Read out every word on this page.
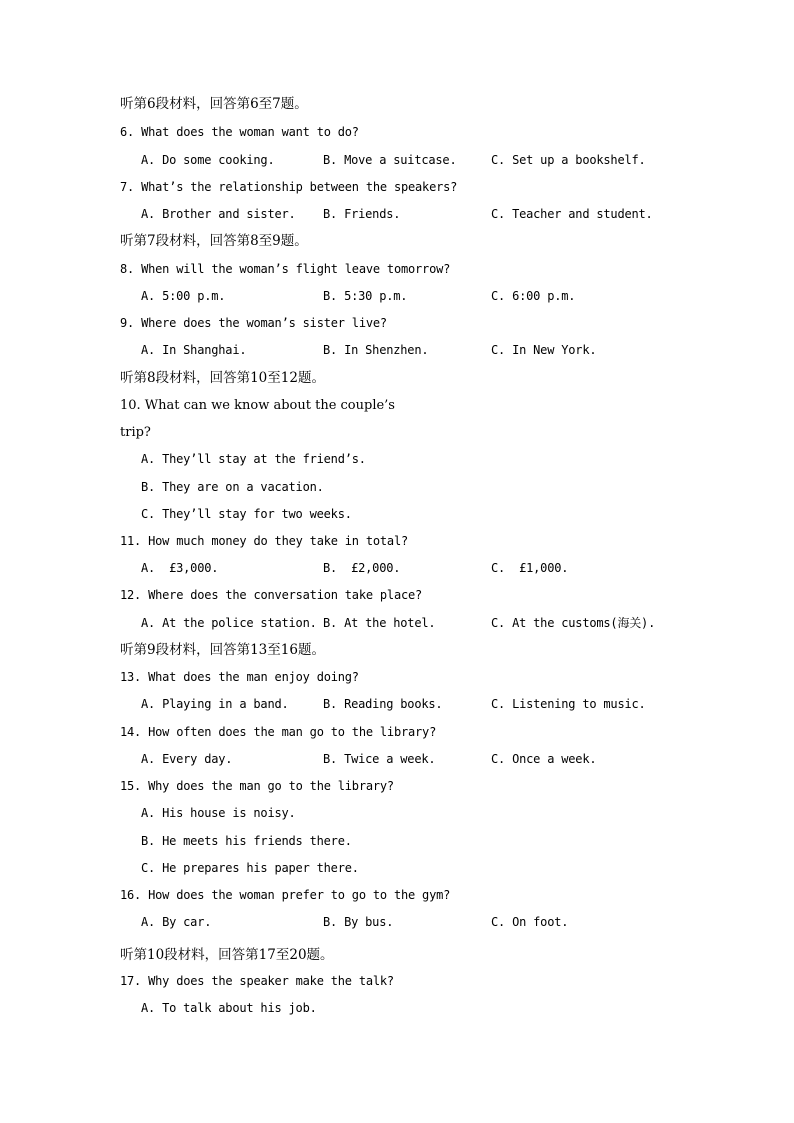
听第6段材料，回答第6至7题。
6. What does the woman want to do?
A. Do some cooking.	B. Move a suitcase.	C. Set up a bookshelf.
7. What’s the relationship between the speakers?
A. Brother and sister. B. Friends.	C. Teacher and student.
听第7段材料，回答第8至9题。
8. When will the woman’s flight leave tomorrow?
A. 5:00 p.m.	B. 5:30 p.m.	C. 6:00 p.m.
9. Where does the woman’s sister live?
A. In Shanghai.	B. In Shenzhen.	C. In New York.
听第8段材料，回答第10至12题。
10. What can we know about the couple’s
trip?
A. They’ll stay at the friend’s.
B. They are on a vacation.
C. They’ll stay for two weeks.
11. How much money do they take in total?
A.  £3,000.	B.  £2,000.	C.  £1,000.
12. Where does the conversation take place?
A. At the police station. B. At the hotel.	C. At the customs(海关).
听第9段材料，回答第13至16题。
13. What does the man enjoy doing?
A. Playing in a band.	B. Reading books.	C. Listening to music.
14. How often does the man go to the library?
A. Every day.	B. Twice a week.	C. Once a week.
15. Why does the man go to the library?
A. His house is noisy.
B. He meets his friends there.
C. He prepares his paper there.
16. How does the woman prefer to go to the gym?
A. By car.	B. By bus.	C. On foot.
听第10段材料，回答第17至20题。
17. Why does the speaker make the talk?
A. To talk about his job.
